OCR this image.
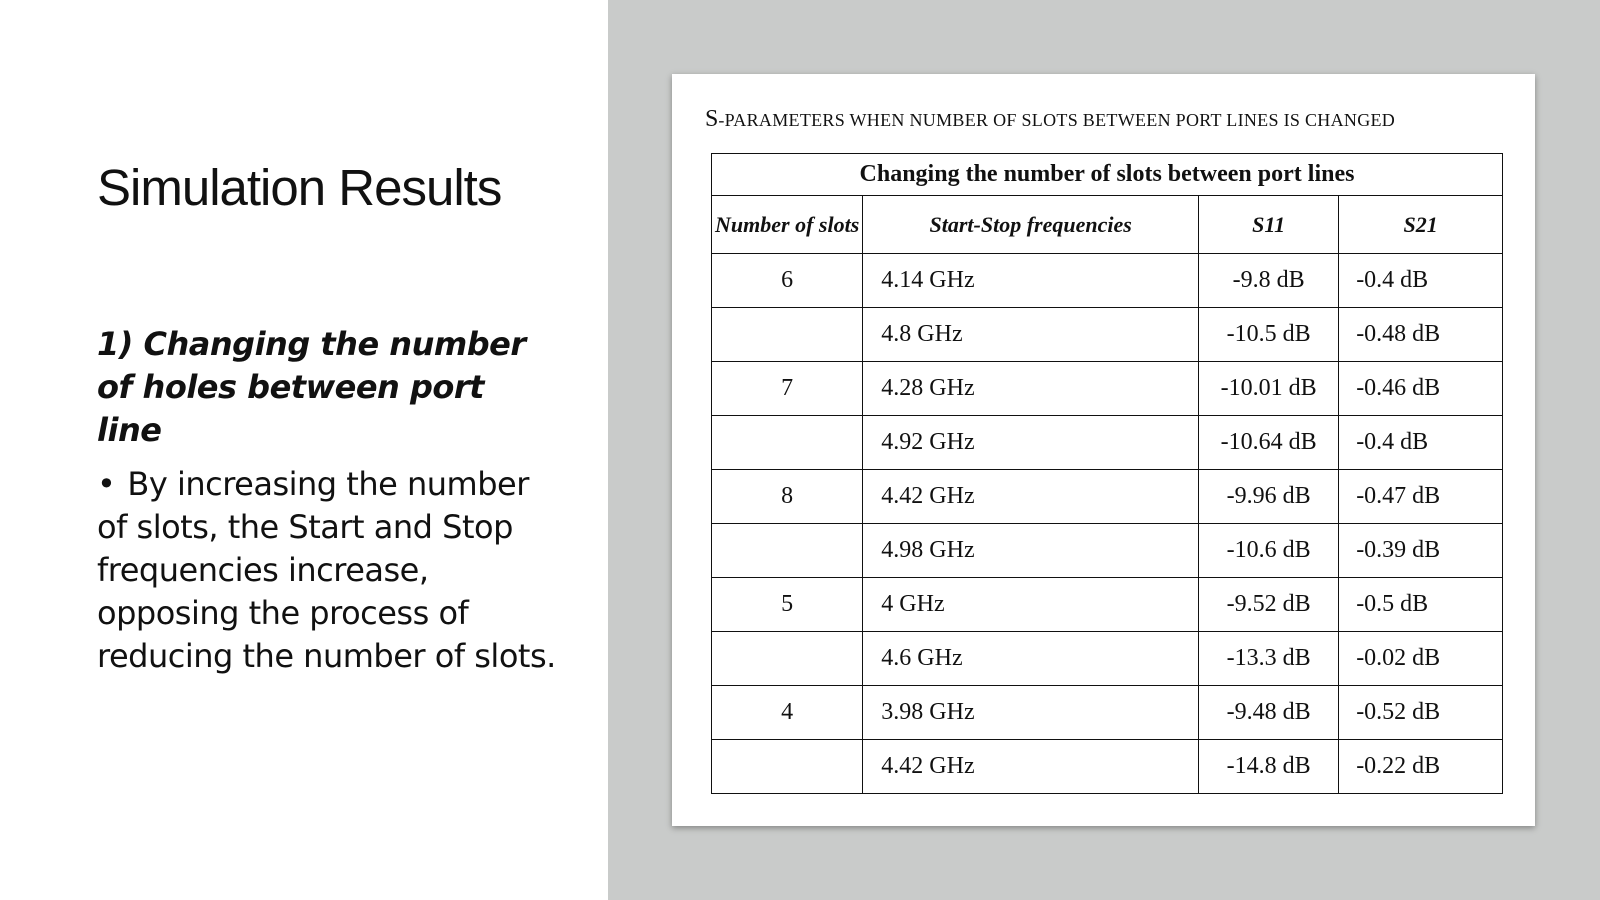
Simulation Results
1) Changing the number of holes between port line
• By increasing the number of slots, the Start and Stop frequencies increase, opposing the process of reducing the number of slots.
S-PARAMETERS WHEN NUMBER OF SLOTS BETWEEN PORT LINES IS CHANGED
Changing the number of slots between port lines			
Number of slots	Start-Stop frequencies	S11	S21
6	4.14 GHz	-9.8 dB	-0.4 dB
	4.8 GHz	-10.5 dB	-0.48 dB
7	4.28 GHz	-10.01 dB	-0.46 dB
	4.92 GHz	-10.64 dB	-0.4 dB
8	4.42 GHz	-9.96 dB	-0.47 dB
	4.98 GHz	-10.6 dB	-0.39 dB
5	4 GHz	-9.52 dB	-0.5 dB
	4.6 GHz	-13.3 dB	-0.02 dB
4	3.98 GHz	-9.48 dB	-0.52 dB
	4.42 GHz	-14.8 dB	-0.22 dB
